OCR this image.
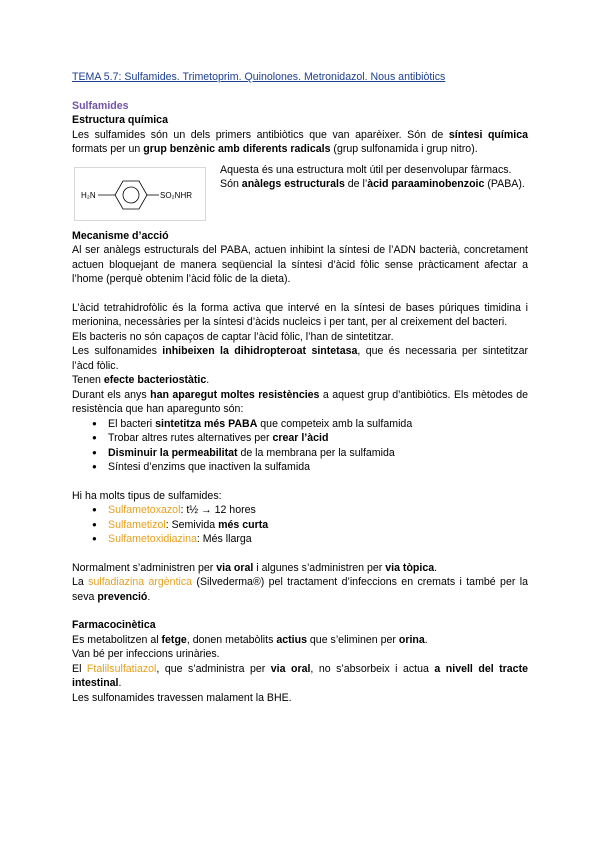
TEMA 5.7: Sulfamides. Trimetoprim. Quinolones. Metronidazol. Nous antibiòtics
Sulfamides
Estructura química

Les sulfamides són un dels primers antibiòtics que van aparèixer. Són de síntesi química formats per un grup benzènic amb diferents radicals (grup sulfonamida i grup nitro).

H₂N	SO₂NHR

Aquesta és una estructura molt útil per desenvolupar fàrmacs.

Són anàlegs estructurals de l’àcid paraaminobenzoic (PABA).

Mecanisme d’acció

Al ser anàlegs estructurals del PABA, actuen inhibint la síntesi de l’ADN bacterià, concretament actuen bloquejant de manera seqüencial la síntesi d’àcid fòlic sense pràcticament afectar a l’home (perquè obtenim l’àcid fòlic de la dieta).

L’àcid tetrahidrofòlic és la forma activa que intervé en la síntesi de bases púriques timidina i merionina, necessàries per la síntesi d’àcids nucleics i per tant, per al creixement del bacteri.

Els bacteris no són capaços de captar l’àcid fòlic, l’han de sintetitzar.

Les sulfonamides inhibeixen la dihidropteroat sintetasa, que és necessaria per sintetitzar l’àcd fòlic.

Tenen efecte bacteriostàtic.

Durant els anys han aparegut moltes resistències a aquest grup d’antibiòtics. Els mètodes de resistència que han aparegunto són:

● El bacteri sintetitza més PABA que competeix amb la sulfamida
● Trobar altres rutes alternatives per crear l’àcid
● Disminuir la permeabilitat de la membrana per la sulfamida
● Síntesi d’enzims que inactiven la sulfamida

Hi ha molts tipus de sulfamides:

● Sulfametoxazol: t½ → 12 hores
● Sulfametizol: Semivida més curta
● Sulfametoxidiazina: Més llarga

Normalment s’administren per via oral i algunes s’administren per via tòpica.

La sulfadiazina argèntica (Silvederma®) pel tractament d’infeccions en cremats i també per la seva prevenció.

Farmacocinètica

Es metabolitzen al fetge, donen metabòlits actius que s’eliminen per orina.

Van bé per infeccions urinàries.

El Ftalilsulfatiazol, que s’administra per via oral, no s’absorbeix i actua a nivell del tracte intestinal.

Les sulfonamides travessen malament la BHE.
